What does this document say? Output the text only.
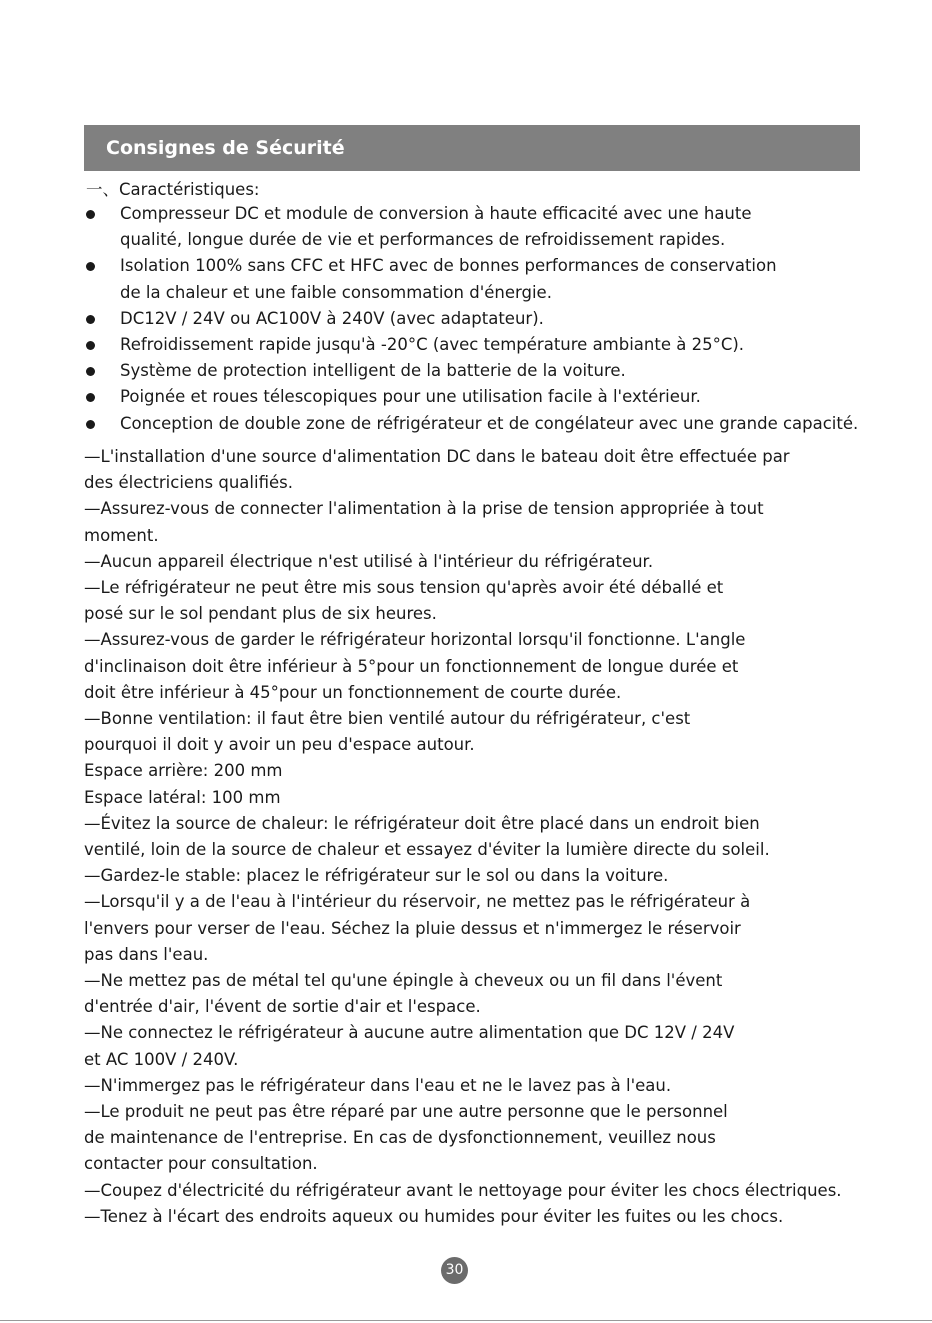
Consignes de Sécurité
一、Caractéristiques:
Compresseur DC et module de conversion à haute efficacité avec une haute
qualité, longue durée de vie et performances de refroidissement rapides.
Isolation 100% sans CFC et HFC avec de bonnes performances de conservation
de la chaleur et une faible consommation d'énergie.
DC12V / 24V ou AC100V à 240V (avec adaptateur).
Refroidissement rapide jusqu'à -20°C (avec température ambiante à 25°C).
Système de protection intelligent de la batterie de la voiture.
Poignée et roues télescopiques pour une utilisation facile à l'extérieur.
Conception de double zone de réfrigérateur et de congélateur avec une grande capacité.
—L'installation d'une source d'alimentation DC dans le bateau doit être effectuée par
des électriciens qualifiés.
—Assurez-vous de connecter l'alimentation à la prise de tension appropriée à tout
moment.
—Aucun appareil électrique n'est utilisé à l'intérieur du réfrigérateur.
—Le réfrigérateur ne peut être mis sous tension qu'après avoir été déballé et
posé sur le sol pendant plus de six heures.
—Assurez-vous de garder le réfrigérateur horizontal lorsqu'il fonctionne. L'angle
d'inclinaison doit être inférieur à 5°pour un fonctionnement de longue durée et
doit être inférieur à 45°pour un fonctionnement de courte durée.
—Bonne ventilation: il faut être bien ventilé autour du réfrigérateur, c'est
pourquoi il doit y avoir un peu d'espace autour.
Espace arrière: 200 mm
Espace latéral: 100 mm
—Évitez la source de chaleur: le réfrigérateur doit être placé dans un endroit bien
ventilé, loin de la source de chaleur et essayez d'éviter la lumière directe du soleil.
—Gardez-le stable: placez le réfrigérateur sur le sol ou dans la voiture.
—Lorsqu'il y a de l'eau à l'intérieur du réservoir, ne mettez pas le réfrigérateur à
l'envers pour verser de l'eau. Séchez la pluie dessus et n'immergez le réservoir
pas dans l'eau.
—Ne mettez pas de métal tel qu'une épingle à cheveux ou un fil dans l'évent
d'entrée d'air, l'évent de sortie d'air et l'espace.
—Ne connectez le réfrigérateur à aucune autre alimentation que DC 12V / 24V
et AC 100V / 240V.
—N'immergez pas le réfrigérateur dans l'eau et ne le lavez pas à l'eau.
—Le produit ne peut pas être réparé par une autre personne que le personnel
de maintenance de l'entreprise. En cas de dysfonctionnement, veuillez nous
contacter pour consultation.
—Coupez d'électricité du réfrigérateur avant le nettoyage pour éviter les chocs électriques.
—Tenez à l'écart des endroits aqueux ou humides pour éviter les fuites ou les chocs.
30
